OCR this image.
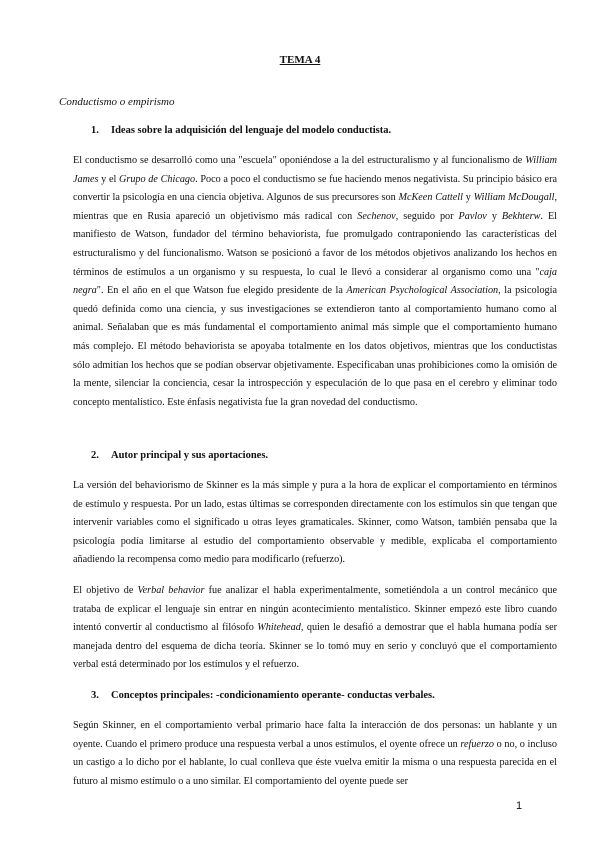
TEMA 4
Conductismo o empirismo
1. Ideas sobre la adquisición del lenguaje del modelo conductista.

El conductismo se desarrolló como una "escuela" oponiéndose a la del estructuralismo y al funcionalismo de William James y el Grupo de Chicago. Poco a poco el conductismo se fue haciendo menos negativista. Su principio básico era convertir la psicología en una ciencia objetiva. Algunos de sus precursores son McKeen Cattell y William McDougall, mientras que en Rusia apareció un objetivismo más radical con Sechenov, seguido por Pavlov y Bekhterw. El manifiesto de Watson, fundador del término behaviorista, fue promulgado contraponiendo las características del estructuralismo y del funcionalismo. Watson se posicionó a favor de los métodos objetivos analizando los hechos en términos de estímulos a un organismo y su respuesta, lo cual le llevó a considerar al organismo como una "caja negra". En el año en el que Watson fue elegido presidente de la American Psychological Association, la psicología quedó definida como una ciencia, y sus investigaciones se extendieron tanto al comportamiento humano como al animal. Señalaban que es más fundamental el comportamiento animal más simple que el comportamiento humano más complejo. El método behaviorista se apoyaba totalmente en los datos objetivos, mientras que los conductistas sólo admitían los hechos que se podían observar objetivamente. Especificaban unas prohibiciones como la omisión de la mente, silenciar la conciencia, cesar la introspección y especulación de lo que pasa en el cerebro y eliminar todo concepto mentalístico. Este énfasis negativista fue la gran novedad del conductismo.

2. Autor principal y sus aportaciones.

La versión del behaviorismo de Skinner es la más simple y pura a la hora de explicar el comportamiento en términos de estímulo y respuesta. Por un lado, estas últimas se corresponden directamente con los estímulos sin que tengan que intervenir variables como el significado u otras leyes gramaticales. Skinner, como Watson, también pensaba que la psicología podía limitarse al estudio del comportamiento observable y medible, explicaba el comportamiento añadiendo la recompensa como medio para modificarlo (refuerzo).

El objetivo de Verbal behavior fue analizar el habla experimentalmente, sometiéndola a un control mecánico que trataba de explicar el lenguaje sin entrar en ningún acontecimiento mentalístico. Skinner empezó este libro cuando intentó convertir al conductismo al filósofo Whitehead, quien le desafió a demostrar que el habla humana podía ser manejada dentro del esquema de dicha teoría. Skinner se lo tomó muy en serio y concluyó que el comportamiento verbal está determinado por los estímulos y el refuerzo.

3. Conceptos principales: -condicionamiento operante- conductas verbales.

Según Skinner, en el comportamiento verbal primario hace falta la interacción de dos personas: un hablante y un oyente. Cuando el primero produce una respuesta verbal a unos estímulos, el oyente ofrece un refuerzo o no, o incluso un castigo a lo dicho por el hablante, lo cual conlleva que éste vuelva emitir la misma o una respuesta parecida en el futuro al mismo estímulo o a uno similar. El comportamiento del oyente puede ser

1
